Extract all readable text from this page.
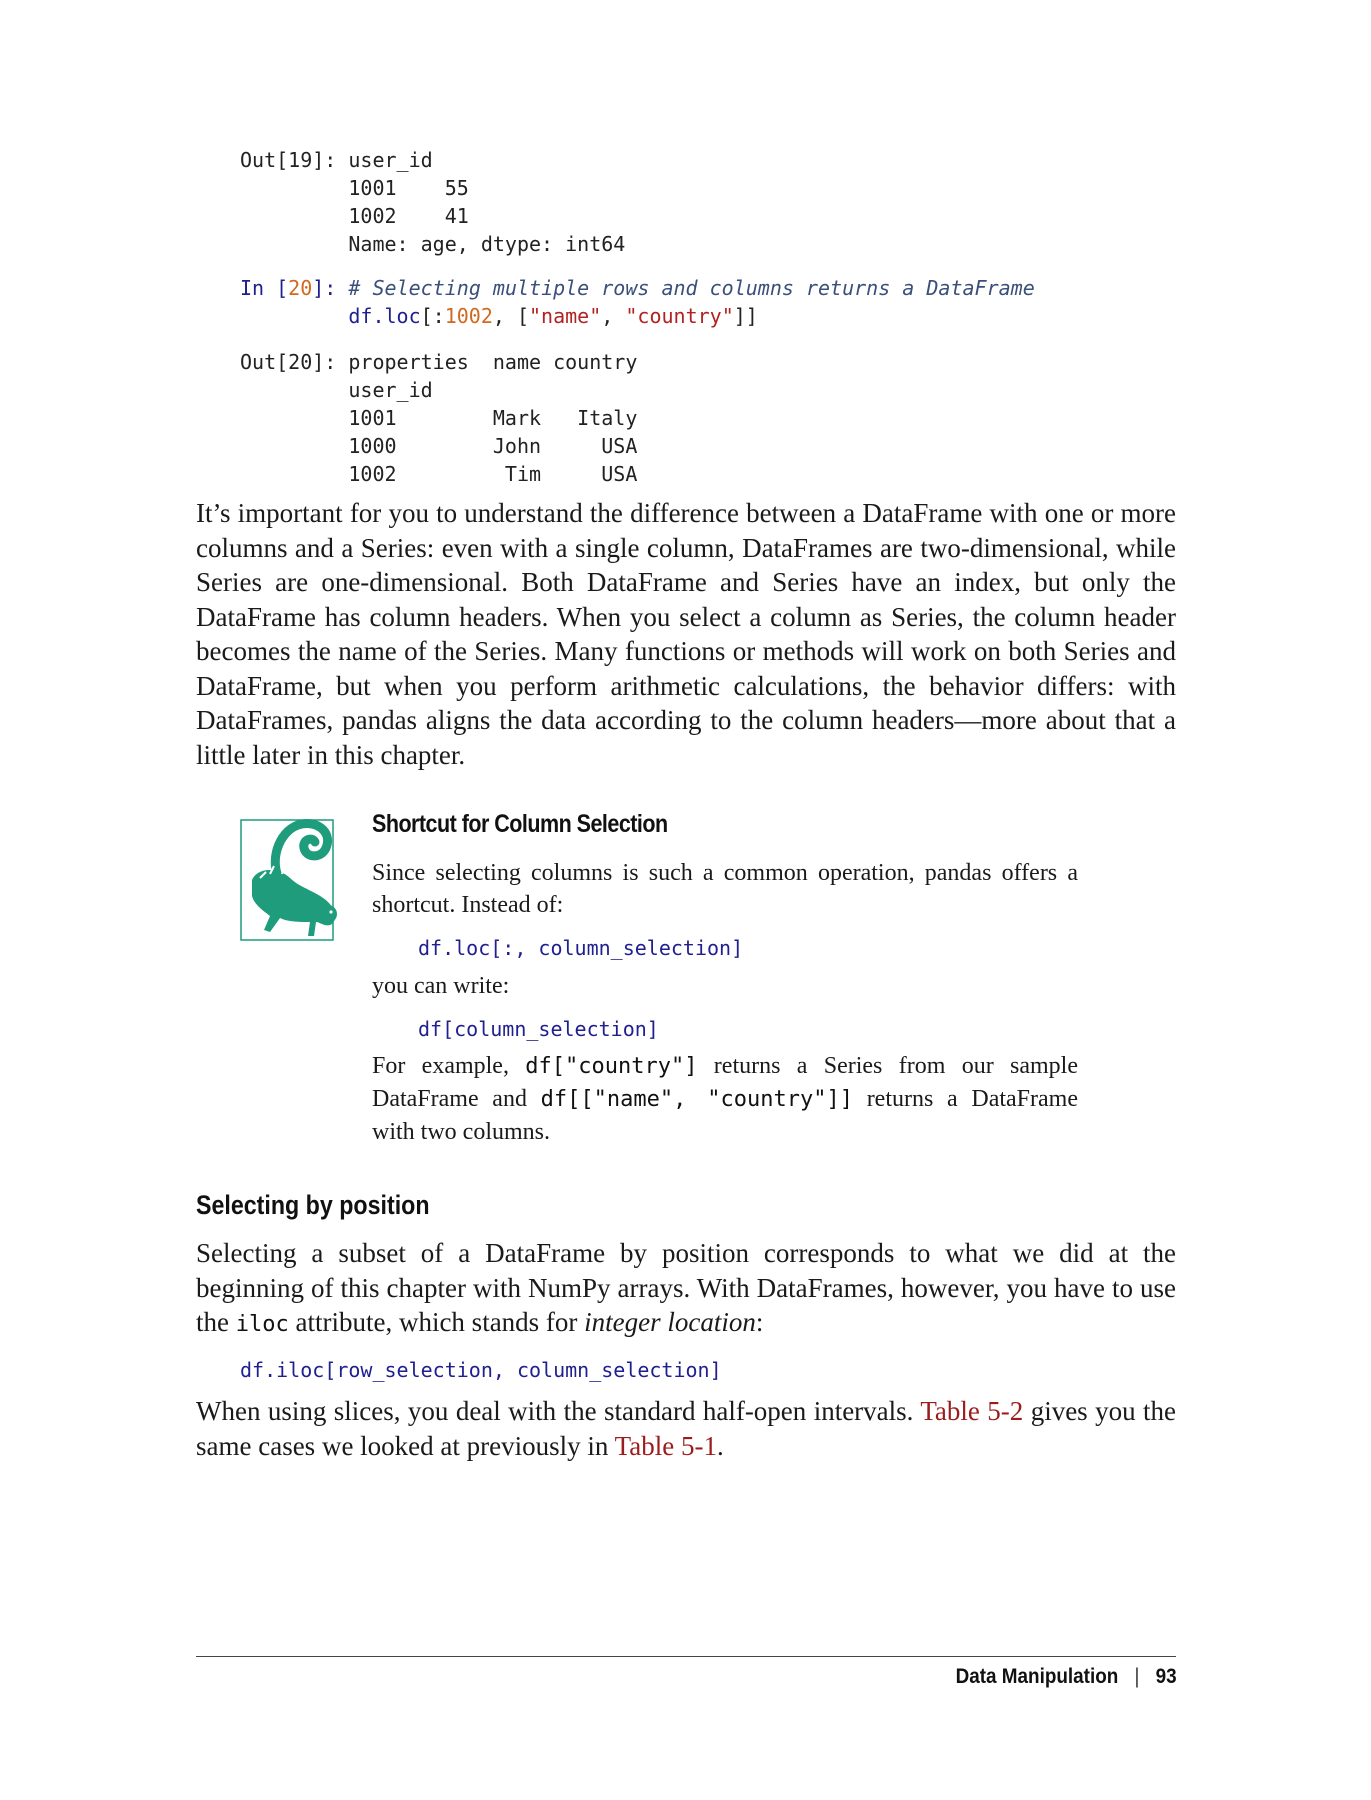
Out[19]: user_id
1001    55
1002    41
Name: age, dtype: int64
In [20]: # Selecting multiple rows and columns returns a DataFrame
df.loc[:1002, ["name", "country"]]
Out[20]: properties  name country
user_id
1001        Mark   Italy
1000        John     USA
1002         Tim     USA

It’s important for you to understand the difference between a DataFrame with one or more columns and a Series: even with a single column, DataFrames are two-dimensional, while Series are one-dimensional. Both DataFrame and Series have an index, but only the DataFrame has column headers. When you select a column as Series, the column header becomes the name of the Series. Many functions or methods will work on both Series and DataFrame, but when you perform arithmetic calculations, the behavior differs: with DataFrames, pandas aligns the data according to the column headers—more about that a little later in this chapter.

Shortcut for Column Selection

Since selecting columns is such a common operation, pandas offers a shortcut. Instead of:

df.loc[:, column_selection]

you can write:

df[column_selection]

For example, df["country"] returns a Series from our sample DataFrame and df[["name", "country"]] returns a DataFrame with two columns.

Selecting by position

Selecting a subset of a DataFrame by position corresponds to what we did at the beginning of this chapter with NumPy arrays. With DataFrames, however, you have to use the iloc attribute, which stands for integer location:

df.iloc[row_selection, column_selection]

When using slices, you deal with the standard half-open intervals. Table 5-2 gives you the same cases we looked at previously in Table 5-1.

Data Manipulation | 93
